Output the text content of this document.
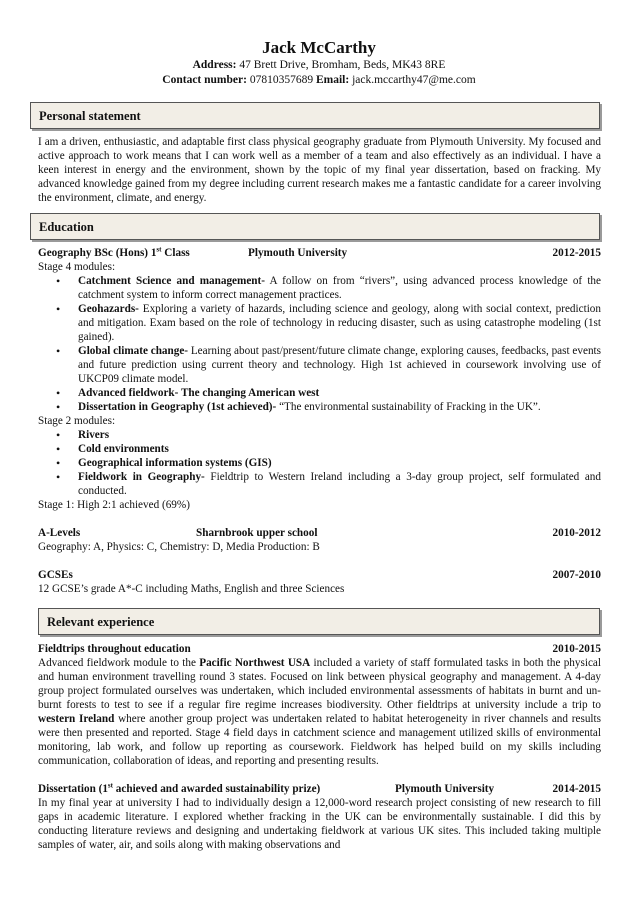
Jack McCarthy
Address: 47 Brett Drive, Bromham, Beds, MK43 8RE
Contact number: 07810357689 Email: jack.mccarthy47@me.com
Personal statement
I am a driven, enthusiastic, and adaptable first class physical geography graduate from Plymouth University. My focused and active approach to work means that I can work well as a member of a team and also effectively as an individual. I have a keen interest in energy and the environment, shown by the topic of my final year dissertation, based on fracking. My advanced knowledge gained from my degree including current research makes me a fantastic candidate for a career involving the environment, climate, and energy.
Education
Geography BSc (Hons) 1st Class	Plymouth University	2012-2015
Stage 4 modules:
• Catchment Science and management- A follow on from “rivers”, using advanced process knowledge of the catchment system to inform correct management practices.
• Geohazards- Exploring a variety of hazards, including science and geology, along with social context, prediction and mitigation. Exam based on the role of technology in reducing disaster, such as using catastrophe modeling (1st gained).
• Global climate change- Learning about past/present/future climate change, exploring causes, feedbacks, past events and future prediction using current theory and technology. High 1st achieved in coursework involving use of UKCP09 climate model.
• Advanced fieldwork- The changing American west
• Dissertation in Geography (1st achieved)- “The environmental sustainability of Fracking in the UK”.
Stage 2 modules:
• Rivers
• Cold environments
• Geographical information systems (GIS)
• Fieldwork in Geography- Fieldtrip to Western Ireland including a 3-day group project, self formulated and conducted.
Stage 1: High 2:1 achieved (69%)
A-Levels	Sharnbrook upper school	2010-2012
Geography: A, Physics: C, Chemistry: D, Media Production: B
GCSEs	2007-2010
12 GCSE’s grade A*-C including Maths, English and three Sciences
Relevant experience
Fieldtrips throughout education	2010-2015
Advanced fieldwork module to the Pacific Northwest USA included a variety of staff formulated tasks in both the physical and human environment travelling round 3 states. Focused on link between physical geography and management. A 4-day group project formulated ourselves was undertaken, which included environmental assessments of habitats in burnt and un-burnt forests to test to see if a regular fire regime increases biodiversity. Other fieldtrips at university include a trip to western Ireland where another group project was undertaken related to habitat heterogeneity in river channels and results were then presented and reported. Stage 4 field days in catchment science and management utilized skills of environmental monitoring, lab work, and follow up reporting as coursework. Fieldwork has helped build on my skills including communication, collaboration of ideas, and reporting and presenting results.
Dissertation (1st achieved and awarded sustainability prize)	Plymouth University	2014-2015
In my final year at university I had to individually design a 12,000-word research project consisting of new research to fill gaps in academic literature. I explored whether fracking in the UK can be environmentally sustainable. I did this by conducting literature reviews and designing and undertaking fieldwork at various UK sites. This included taking multiple samples of water, air, and soils along with making observations and
